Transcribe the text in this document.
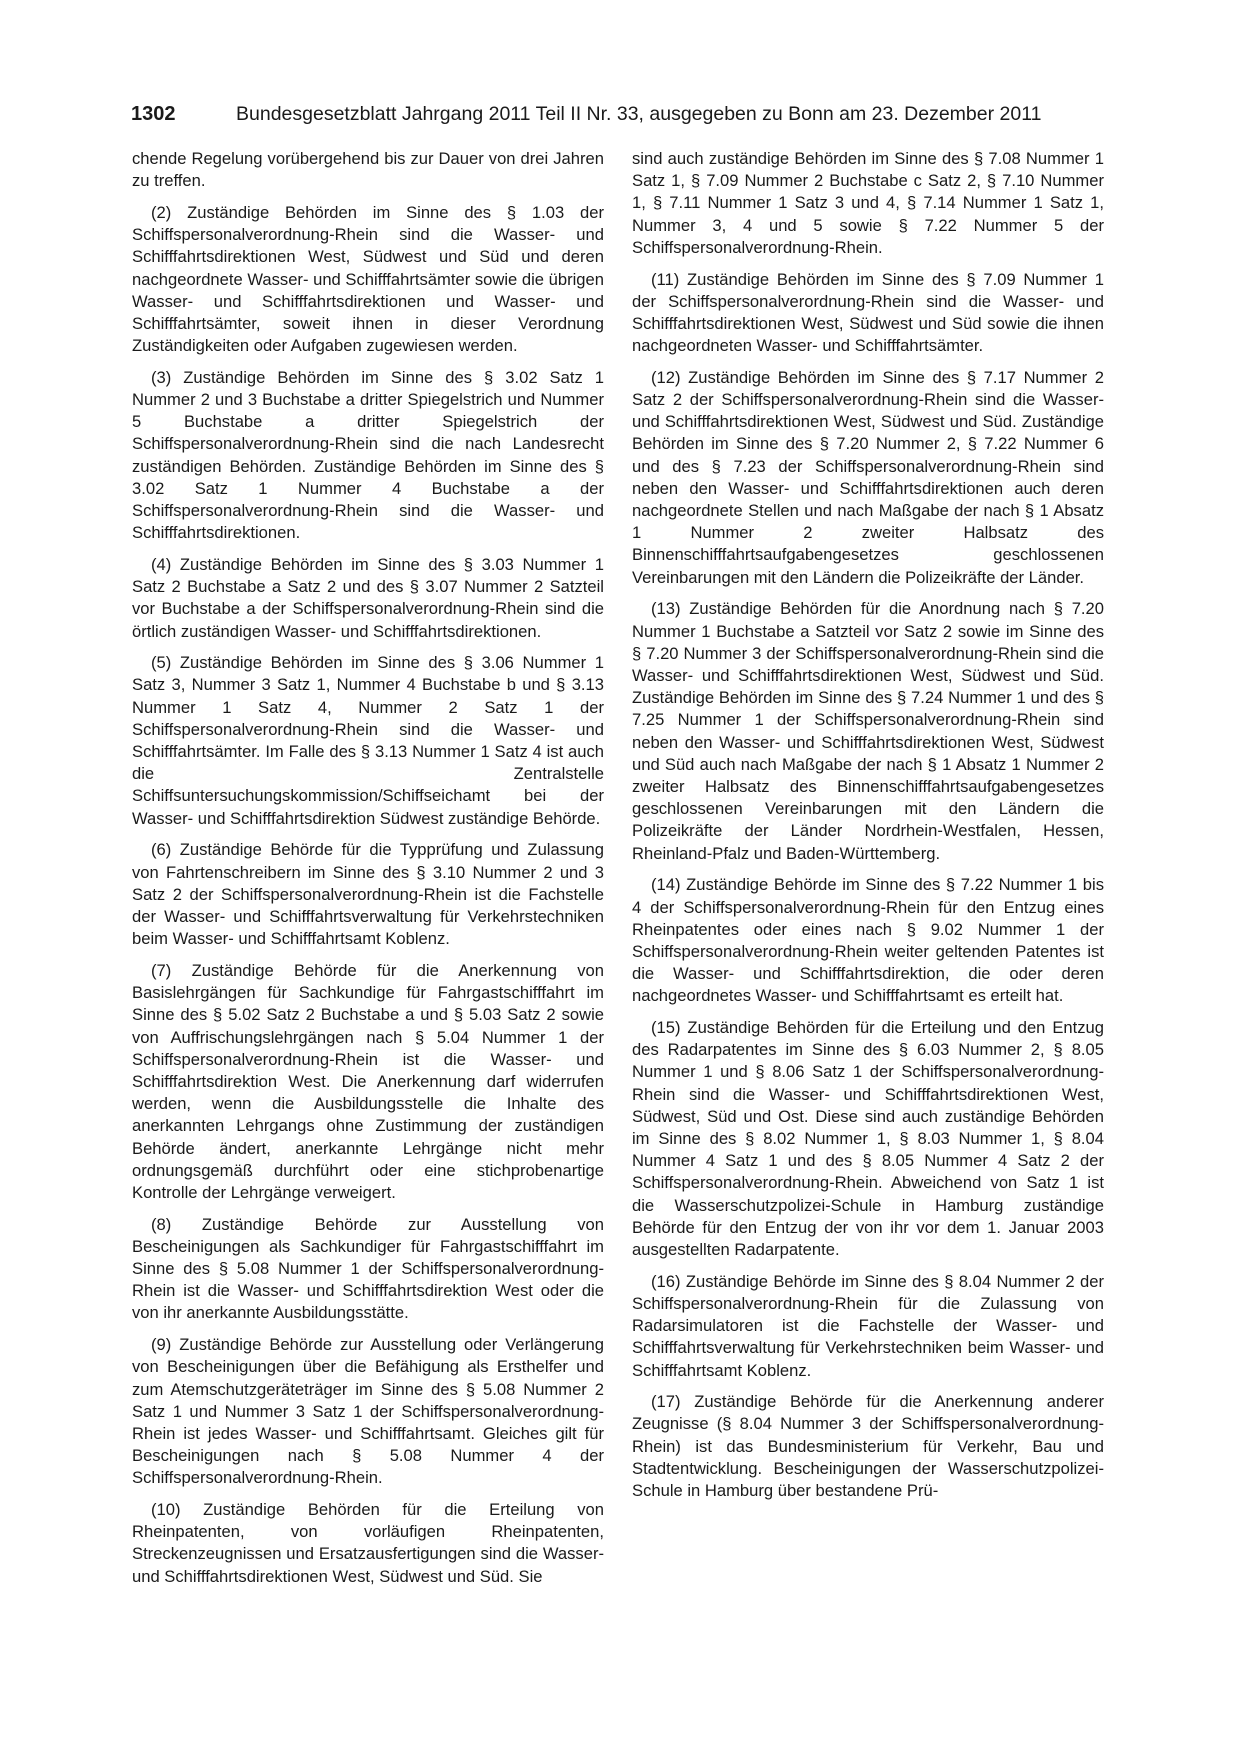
1302	Bundesgesetzblatt Jahrgang 2011 Teil II Nr. 33, ausgegeben zu Bonn am 23. Dezember 2011

chende Regelung vorübergehend bis zur Dauer von drei Jahren zu treffen.

(2) Zuständige Behörden im Sinne des § 1.03 der Schiffspersonalverordnung-Rhein sind die Wasser- und Schifffahrtsdirektionen West, Südwest und Süd und deren nachgeordnete Wasser- und Schifffahrtsämter sowie die übrigen Wasser- und Schifffahrtsdirektionen und Wasser- und Schifffahrtsämter, soweit ihnen in dieser Verordnung Zuständigkeiten oder Aufgaben zugewiesen werden.

(3) Zuständige Behörden im Sinne des § 3.02 Satz 1 Nummer 2 und 3 Buchstabe a dritter Spiegelstrich und Nummer 5 Buchstabe a dritter Spiegelstrich der Schiffspersonalverordnung-Rhein sind die nach Landesrecht zuständigen Behörden. Zuständige Behörden im Sinne des § 3.02 Satz 1 Nummer 4 Buchstabe a der Schiffspersonalverordnung-Rhein sind die Wasser- und Schifffahrtsdirektionen.

(4) Zuständige Behörden im Sinne des § 3.03 Nummer 1 Satz 2 Buchstabe a Satz 2 und des § 3.07 Nummer 2 Satzteil vor Buchstabe a der Schiffspersonalverordnung-Rhein sind die örtlich zuständigen Wasser- und Schifffahrtsdirektionen.

(5) Zuständige Behörden im Sinne des § 3.06 Nummer 1 Satz 3, Nummer 3 Satz 1, Nummer 4 Buchstabe b und § 3.13 Nummer 1 Satz 4, Nummer 2 Satz 1 der Schiffspersonalverordnung-Rhein sind die Wasser- und Schifffahrtsämter. Im Falle des § 3.13 Nummer 1 Satz 4 ist auch die Zentralstelle Schiffsuntersuchungskommission/Schiffseichamt bei der Wasser- und Schifffahrtsdirektion Südwest zuständige Behörde.

(6) Zuständige Behörde für die Typprüfung und Zulassung von Fahrtenschreibern im Sinne des § 3.10 Nummer 2 und 3 Satz 2 der Schiffspersonalverordnung-Rhein ist die Fachstelle der Wasser- und Schifffahrtsverwaltung für Verkehrstechniken beim Wasser- und Schifffahrtsamt Koblenz.

(7) Zuständige Behörde für die Anerkennung von Basislehrgängen für Sachkundige für Fahrgastschifffahrt im Sinne des § 5.02 Satz 2 Buchstabe a und § 5.03 Satz 2 sowie von Auffrischungslehrgängen nach § 5.04 Nummer 1 der Schiffspersonalverordnung-Rhein ist die Wasser- und Schifffahrtsdirektion West. Die Anerkennung darf widerrufen werden, wenn die Ausbildungsstelle die Inhalte des anerkannten Lehrgangs ohne Zustimmung der zuständigen Behörde ändert, anerkannte Lehrgänge nicht mehr ordnungsgemäß durchführt oder eine stichprobenartige Kontrolle der Lehrgänge verweigert.

(8) Zuständige Behörde zur Ausstellung von Bescheinigungen als Sachkundiger für Fahrgastschifffahrt im Sinne des § 5.08 Nummer 1 der Schiffspersonalverordnung-Rhein ist die Wasser- und Schifffahrtsdirektion West oder die von ihr anerkannte Ausbildungsstätte.

(9) Zuständige Behörde zur Ausstellung oder Verlängerung von Bescheinigungen über die Befähigung als Ersthelfer und zum Atemschutzgeräteträger im Sinne des § 5.08 Nummer 2 Satz 1 und Nummer 3 Satz 1 der Schiffspersonalverordnung-Rhein ist jedes Wasser- und Schifffahrtsamt. Gleiches gilt für Bescheinigungen nach § 5.08 Nummer 4 der Schiffspersonalverordnung-Rhein.

(10) Zuständige Behörden für die Erteilung von Rheinpatenten, von vorläufigen Rheinpatenten, Streckenzeugnissen und Ersatzausfertigungen sind die Wasser- und Schifffahrtsdirektionen West, Südwest und Süd. Sie

sind auch zuständige Behörden im Sinne des § 7.08 Nummer 1 Satz 1, § 7.09 Nummer 2 Buchstabe c Satz 2, § 7.10 Nummer 1, § 7.11 Nummer 1 Satz 3 und 4, § 7.14 Nummer 1 Satz 1, Nummer 3, 4 und 5 sowie § 7.22 Nummer 5 der Schiffspersonalverordnung-Rhein.

(11) Zuständige Behörden im Sinne des § 7.09 Nummer 1 der Schiffspersonalverordnung-Rhein sind die Wasser- und Schifffahrtsdirektionen West, Südwest und Süd sowie die ihnen nachgeordneten Wasser- und Schifffahrtsämter.

(12) Zuständige Behörden im Sinne des § 7.17 Nummer 2 Satz 2 der Schiffspersonalverordnung-Rhein sind die Wasser- und Schifffahrtsdirektionen West, Südwest und Süd. Zuständige Behörden im Sinne des § 7.20 Nummer 2, § 7.22 Nummer 6 und des § 7.23 der Schiffspersonalverordnung-Rhein sind neben den Wasser- und Schifffahrtsdirektionen auch deren nachgeordnete Stellen und nach Maßgabe der nach § 1 Absatz 1 Nummer 2 zweiter Halbsatz des Binnenschifffahrtsaufgabengesetzes geschlossenen Vereinbarungen mit den Ländern die Polizeikräfte der Länder.

(13) Zuständige Behörden für die Anordnung nach § 7.20 Nummer 1 Buchstabe a Satzteil vor Satz 2 sowie im Sinne des § 7.20 Nummer 3 der Schiffspersonalverordnung-Rhein sind die Wasser- und Schifffahrtsdirektionen West, Südwest und Süd. Zuständige Behörden im Sinne des § 7.24 Nummer 1 und des § 7.25 Nummer 1 der Schiffspersonalverordnung-Rhein sind neben den Wasser- und Schifffahrtsdirektionen West, Südwest und Süd auch nach Maßgabe der nach § 1 Absatz 1 Nummer 2 zweiter Halbsatz des Binnenschifffahrtsaufgabengesetzes geschlossenen Vereinbarungen mit den Ländern die Polizeikräfte der Länder Nordrhein-Westfalen, Hessen, Rheinland-Pfalz und Baden-Württemberg.

(14) Zuständige Behörde im Sinne des § 7.22 Nummer 1 bis 4 der Schiffspersonalverordnung-Rhein für den Entzug eines Rheinpatentes oder eines nach § 9.02 Nummer 1 der Schiffspersonalverordnung-Rhein weiter geltenden Patentes ist die Wasser- und Schifffahrtsdirektion, die oder deren nachgeordnetes Wasser- und Schifffahrtsamt es erteilt hat.

(15) Zuständige Behörden für die Erteilung und den Entzug des Radarpatentes im Sinne des § 6.03 Nummer 2, § 8.05 Nummer 1 und § 8.06 Satz 1 der Schiffspersonalverordnung-Rhein sind die Wasser- und Schifffahrtsdirektionen West, Südwest, Süd und Ost. Diese sind auch zuständige Behörden im Sinne des § 8.02 Nummer 1, § 8.03 Nummer 1, § 8.04 Nummer 4 Satz 1 und des § 8.05 Nummer 4 Satz 2 der Schiffspersonalverordnung-Rhein. Abweichend von Satz 1 ist die Wasserschutzpolizei-Schule in Hamburg zuständige Behörde für den Entzug der von ihr vor dem 1. Januar 2003 ausgestellten Radarpatente.

(16) Zuständige Behörde im Sinne des § 8.04 Nummer 2 der Schiffspersonalverordnung-Rhein für die Zulassung von Radarsimulatoren ist die Fachstelle der Wasser- und Schifffahrtsverwaltung für Verkehrstechniken beim Wasser- und Schifffahrtsamt Koblenz.

(17) Zuständige Behörde für die Anerkennung anderer Zeugnisse (§ 8.04 Nummer 3 der Schiffspersonalverordnung-Rhein) ist das Bundesministerium für Verkehr, Bau und Stadtentwicklung. Bescheinigungen der Wasserschutzpolizei-Schule in Hamburg über bestandene Prü-
